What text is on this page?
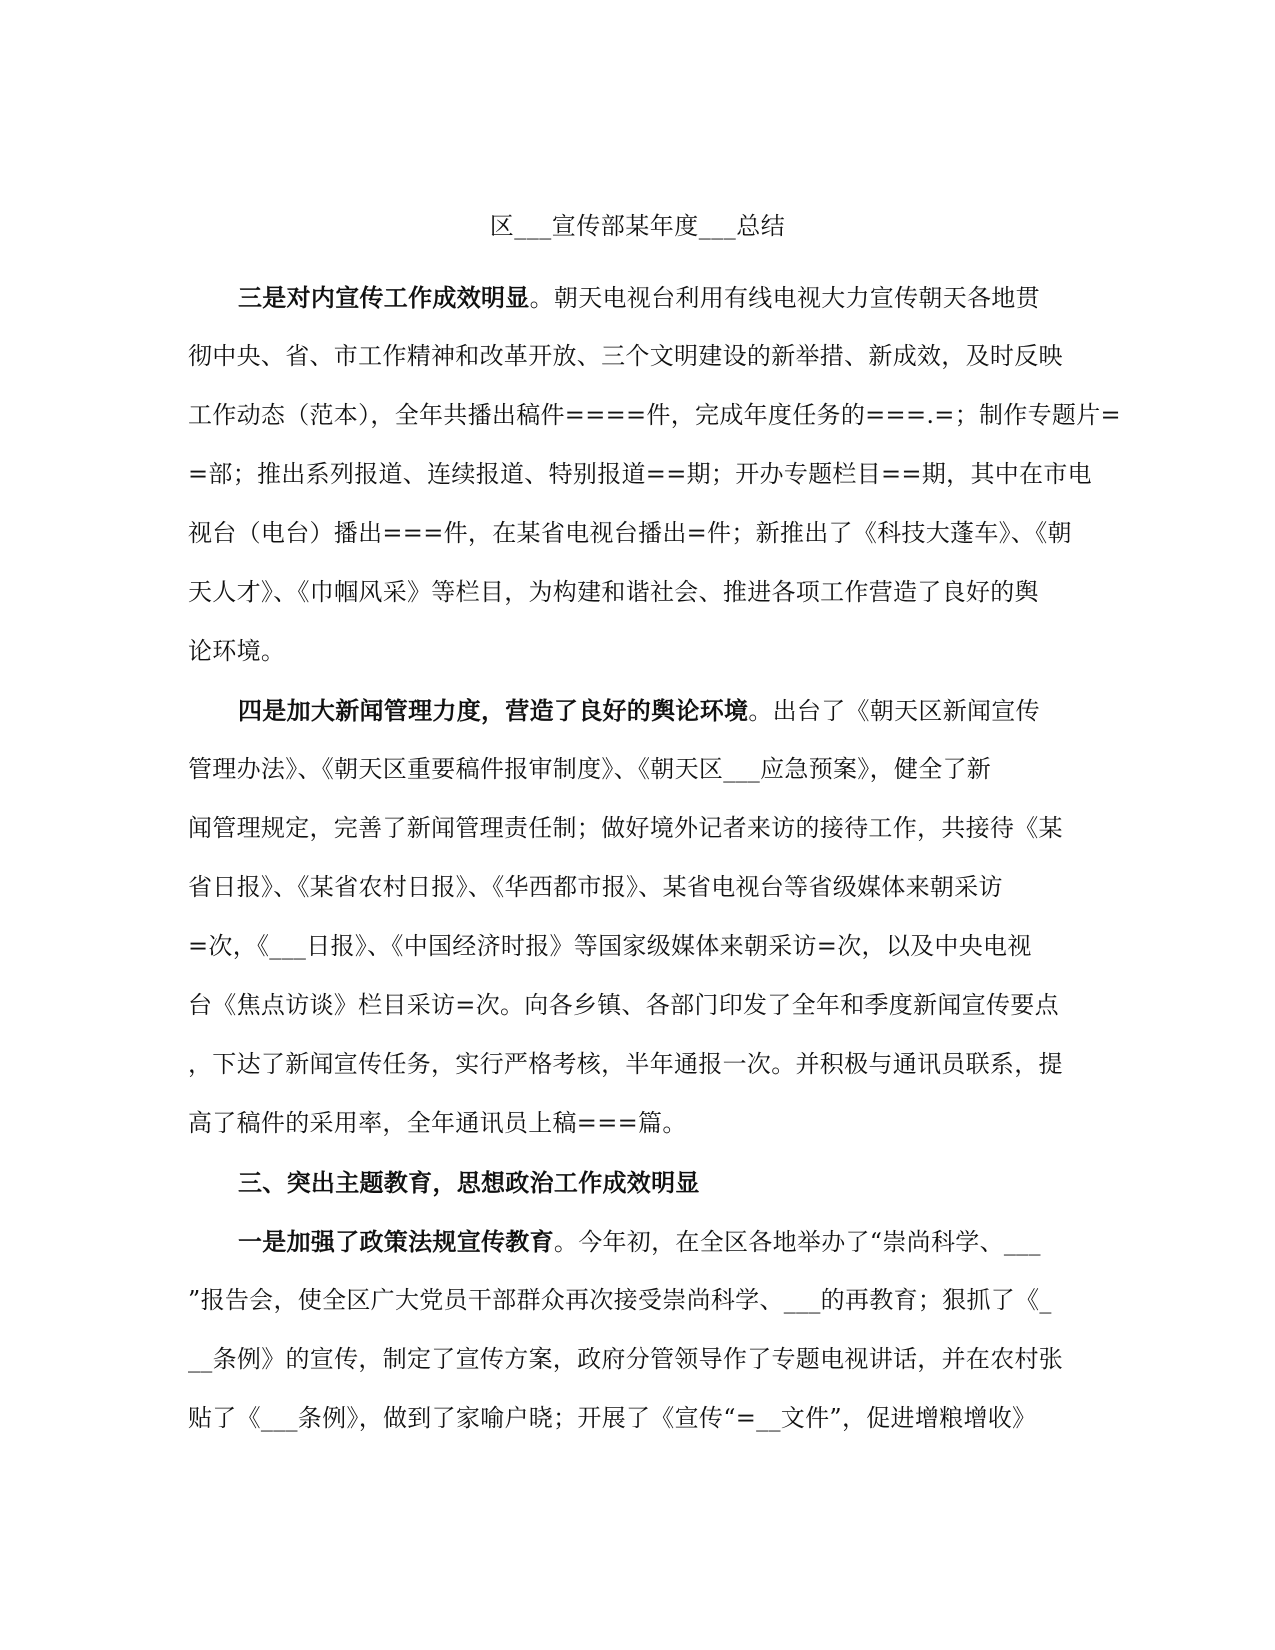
区___宣传部某年度___总结
三是对内宣传工作成效明显。朝天电视台利用有线电视大力宣传朝天各地贯
彻中央、省、市工作精神和改革开放、三个文明建设的新举措、新成效，及时反映
工作动态（范本），全年共播出稿件====件，完成年度任务的===.=；制作专题片=
=部；推出系列报道、连续报道、特别报道==期；开办专题栏目==期，其中在市电
视台（电台）播出===件，在某省电视台播出=件；新推出了《科技大蓬车》、《朝
天人才》、《巾帼风采》等栏目，为构建和谐社会、推进各项工作营造了良好的舆
论环境。
四是加大新闻管理力度，营造了良好的舆论环境。出台了《朝天区新闻宣传
管理办法》、《朝天区重要稿件报审制度》、《朝天区___应急预案》，健全了新
闻管理规定，完善了新闻管理责任制；做好境外记者来访的接待工作，共接待《某
省日报》、《某省农村日报》、《华西都市报》、某省电视台等省级媒体来朝采访
=次，《___日报》、《中国经济时报》等国家级媒体来朝采访=次，以及中央电视
台《焦点访谈》栏目采访=次。向各乡镇、各部门印发了全年和季度新闻宣传要点
，下达了新闻宣传任务，实行严格考核，半年通报一次。并积极与通讯员联系，提
高了稿件的采用率，全年通讯员上稿===篇。
三、突出主题教育，思想政治工作成效明显
一是加强了政策法规宣传教育。今年初，在全区各地举办了“崇尚科学、___
”报告会，使全区广大党员干部群众再次接受崇尚科学、___的再教育；狠抓了《_
__条例》的宣传，制定了宣传方案，政府分管领导作了专题电视讲话，并在农村张
贴了《___条例》，做到了家喻户晓；开展了《宣传“=__文件”，促进增粮增收》
